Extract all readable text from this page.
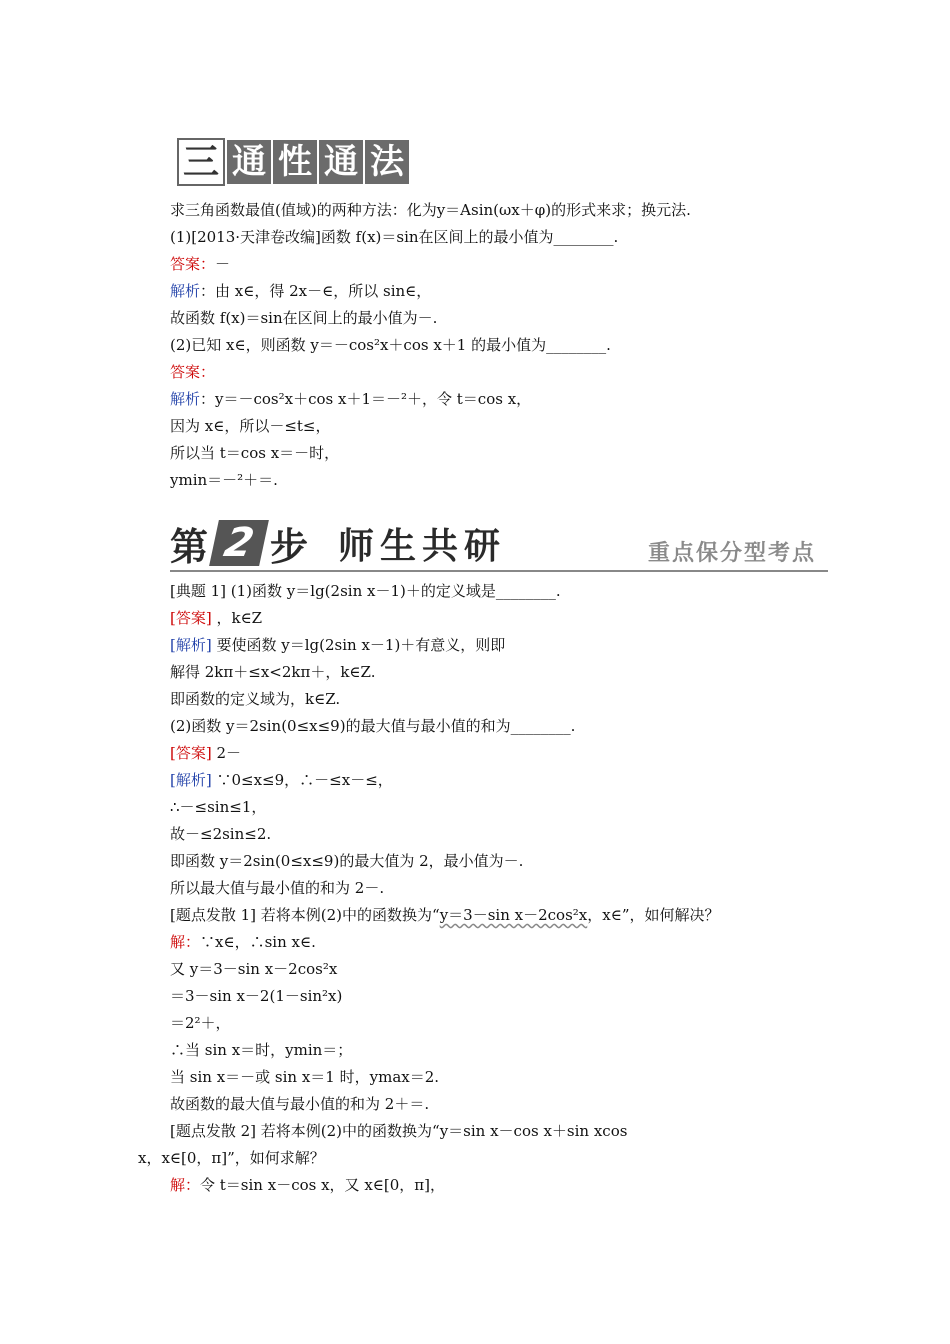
三 通 性 通 法
求三角函数最值(值域)的两种方法：化为y＝Asin(ωx＋φ)的形式来求；换元法.
(1)[2013·天津卷改编]函数 f(x)＝sin在区间上的最小值为________.
答案：－
解析：由 x∈，得 2x－∈，所以 sin∈，
故函数 f(x)＝sin在区间上的最小值为－.
(2)已知 x∈，则函数 y＝－cos²x＋cos x＋1 的最小值为________.
答案：
解析：y＝－cos²x＋cos x＋1＝－²＋，令 t＝cos x，
因为 x∈，所以－≤t≤，
所以当 t＝cos x＝－时，
ymin＝－²＋＝.
第 2 步 师生共研	重点保分型考点
[典题 1] (1)函数 y＝lg(2sin x－1)＋的定义域是________.
[答案] ，k∈Z
[解析] 要使函数 y＝lg(2sin x－1)＋有意义，则即
解得 2kπ＋≤x<2kπ＋，k∈Z.
即函数的定义域为，k∈Z.
(2)函数 y＝2sin(0≤x≤9)的最大值与最小值的和为________.
[答案] 2－
[解析] ∵0≤x≤9，∴－≤x－≤，
∴－≤sin≤1，
故－≤2sin≤2.
即函数 y＝2sin(0≤x≤9)的最大值为 2，最小值为－.
所以最大值与最小值的和为 2－.
[题点发散 1] 若将本例(2)中的函数换为“y＝3－sin x－2cos²x，x∈”，如何解决？
解：∵x∈，∴sin x∈.
又 y＝3－sin x－2cos²x
＝3－sin x－2(1－sin²x)
＝2²＋，
∴当 sin x＝时，ymin＝；
当 sin x＝－或 sin x＝1 时，ymax＝2.
故函数的最大值与最小值的和为 2＋＝.
[题点发散 2] 若将本例(2)中的函数换为“y＝sin x－cos x＋sin xcos
x，x∈[0，π]”，如何求解？
解：令 t＝sin x－cos x，又 x∈[0，π]，
